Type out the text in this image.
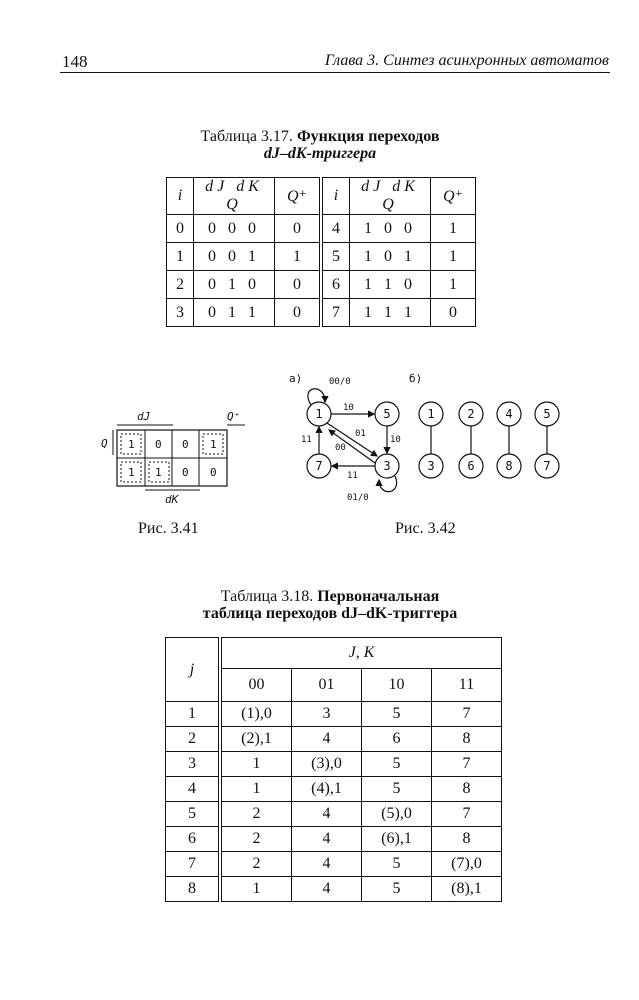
148	Глава 3. Синтез асинхронных автоматов
Таблица 3.17. Функция переходов
dJ–dK-триггера
i	dJ dK Q	Q⁺	i	dJ dK Q	Q⁺
0	0 0 0	0	4	1 0 0	1
1	0 0 1	1	5	1 0 1	1
2	0 1 0	0	6	1 1 0	1
3	0 1 1	0	7	1 1 1	0
dJ	Q⁺
Q
dK
1 0 0 1
1 1 0 0
Рис. 3.41
а)	б)
1	5
7	3
00/0
10
10
01
00
11
11
01/0
1
3
2
6
4
8
5
7
Рис. 3.42
Таблица 3.18. Первоначальная
таблица переходов dJ–dK-триггера
j	J, K			
	00	01	10	11
1	(1),0	3	5	7
2	(2),1	4	6	8
3	1	(3),0	5	7
4	1	(4),1	5	8
5	2	4	(5),0	7
6	2	4	(6),1	8
7	2	4	5	(7),0
8	1	4	5	(8),1
